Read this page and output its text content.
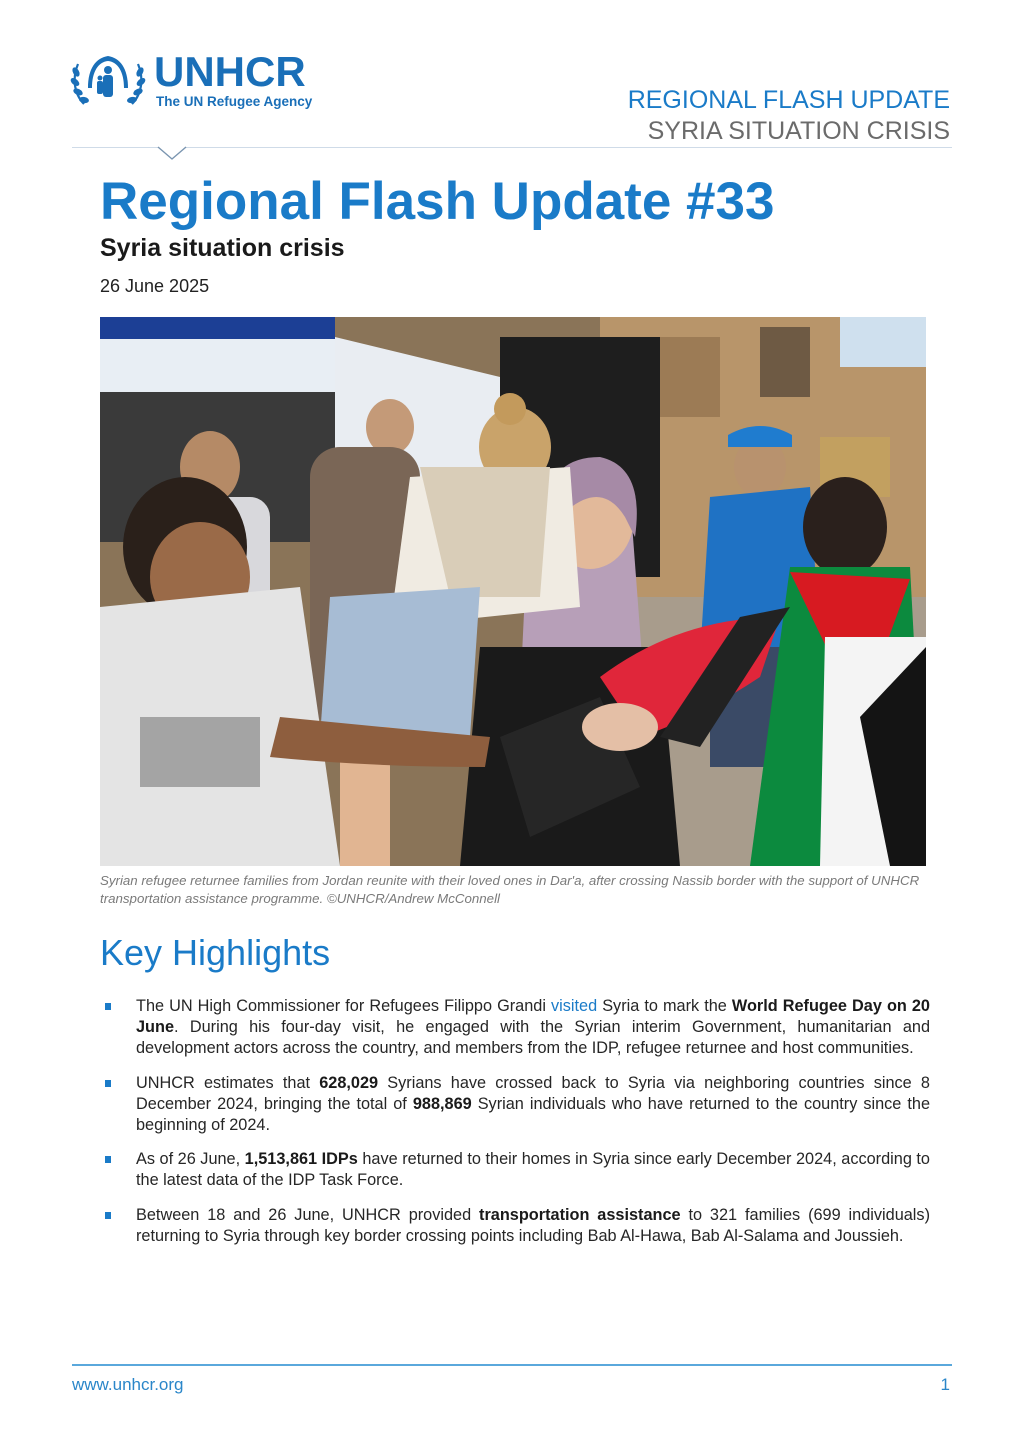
UNHCR
The UN Refugee Agency	REGIONAL FLASH UPDATE
SYRIA SITUATION CRISIS
Regional Flash Update #33
Syria situation crisis
26 June 2025
Syrian refugee returnee families from Jordan reunite with their loved ones in Dar'a, after crossing Nassib border with the support of UNHCR transportation assistance programme. ©UNHCR/Andrew McConnell
Key Highlights
The UN High Commissioner for Refugees Filippo Grandi visited Syria to mark the World Refugee Day on 20 June. During his four-day visit, he engaged with the Syrian interim Government, humanitarian and development actors across the country, and members from the IDP, refugee returnee and host communities.
UNHCR estimates that 628,029 Syrians have crossed back to Syria via neighboring countries since 8 December 2024, bringing the total of 988,869 Syrian individuals who have returned to the country since the beginning of 2024.
As of 26 June, 1,513,861 IDPs have returned to their homes in Syria since early December 2024, according to the latest data of the IDP Task Force.
Between 18 and 26 June, UNHCR provided transportation assistance to 321 families (699 individuals) returning to Syria through key border crossing points including Bab Al-Hawa, Bab Al-Salama and Joussieh.
www.unhcr.org	1
